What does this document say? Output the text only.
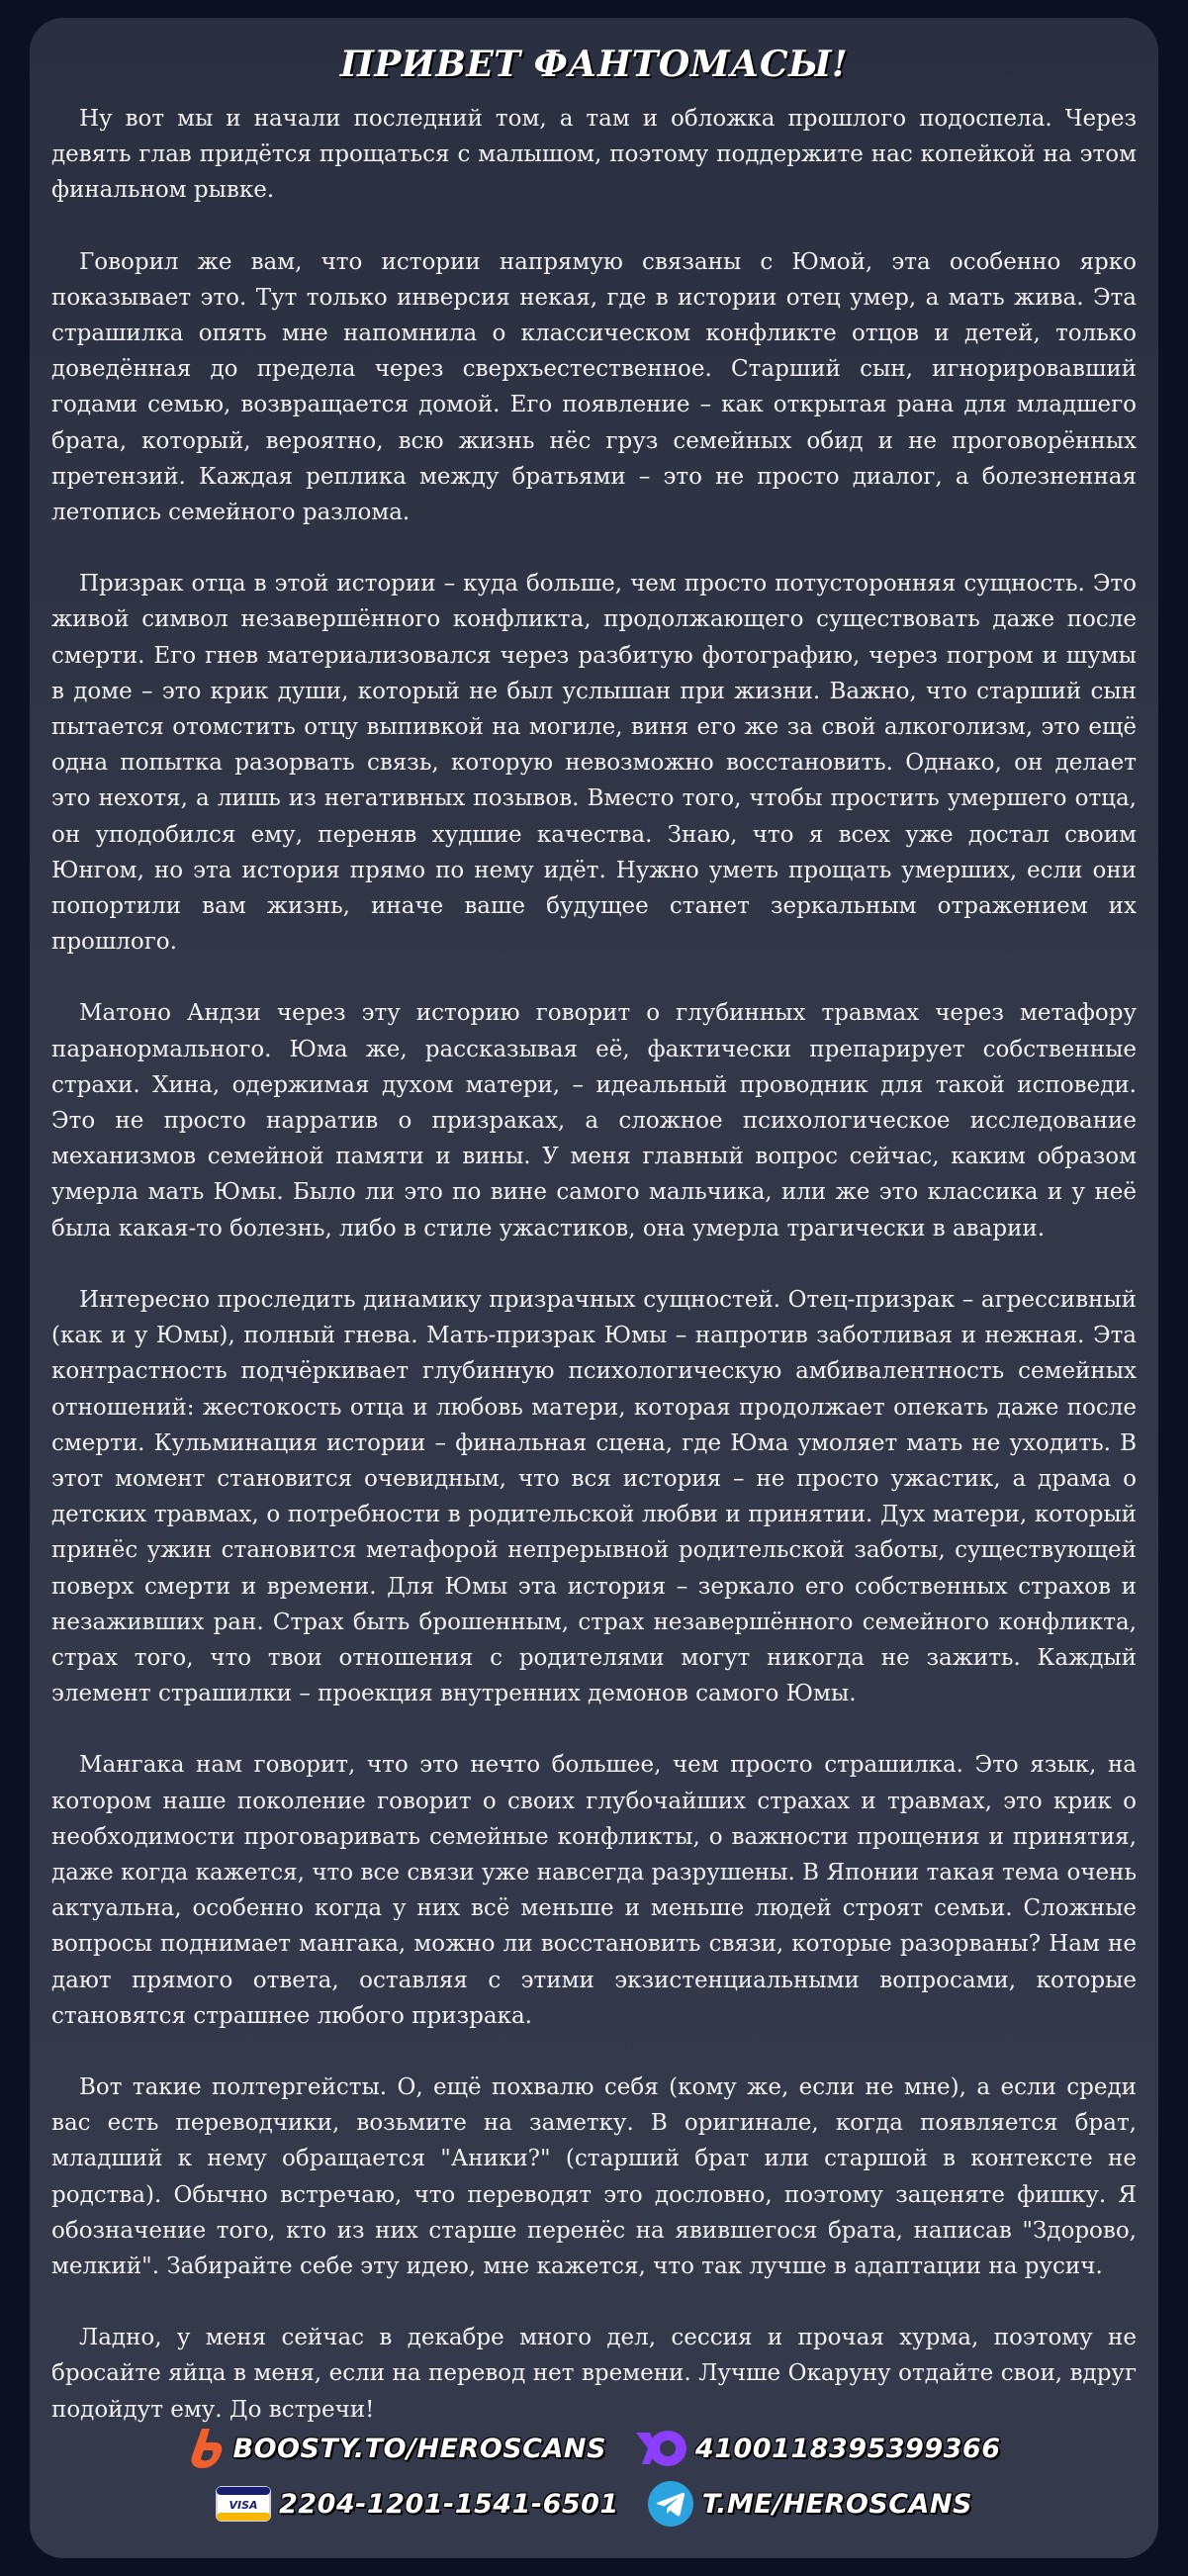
ПРИВЕТ ФАНТОМАСЫ!

Ну вот мы и начали последний том, а там и обложка прошлого подоспела. Через девять глав придётся прощаться с малышом, поэтому поддержите нас копейкой на этом финальном рывке.

Говорил же вам, что истории напрямую связаны с Юмой, эта особенно ярко показывает это. Тут только инверсия некая, где в истории отец умер, а мать жива. Эта страшилка опять мне напомнила о классическом конфликте отцов и детей, только доведённая до предела через сверхъестественное. Старший сын, игнорировавший годами семью, возвращается домой. Его появление – как открытая рана для младшего брата, который, вероятно, всю жизнь нёс груз семейных обид и не проговорённых претензий. Каждая реплика между братьями – это не просто диалог, а болезненная летопись семейного разлома.

Призрак отца в этой истории – куда больше, чем просто потусторонняя сущность. Это живой символ незавершённого конфликта, продолжающего существовать даже после смерти. Его гнев материализовался через разбитую фотографию, через погром и шумы в доме – это крик души, который не был услышан при жизни. Важно, что старший сын пытается отомстить отцу выпивкой на могиле, виня его же за свой алкоголизм, это ещё одна попытка разорвать связь, которую невозможно восстановить. Однако, он делает это нехотя, а лишь из негативных позывов. Вместо того, чтобы простить умершего отца, он уподобился ему, переняв худшие качества. Знаю, что я всех уже достал своим Юнгом, но эта история прямо по нему идёт. Нужно уметь прощать умерших, если они попортили вам жизнь, иначе ваше будущее станет зеркальным отражением их прошлого.

Матоно Андзи через эту историю говорит о глубинных травмах через метафору паранормального. Юма же, рассказывая её, фактически препарирует собственные страхи. Хина, одержимая духом матери, – идеальный проводник для такой исповеди. Это не просто нарратив о призраках, а сложное психологическое исследование механизмов семейной памяти и вины. У меня главный вопрос сейчас, каким образом умерла мать Юмы. Было ли это по вине самого мальчика, или же это классика и у неё была какая-то болезнь, либо в стиле ужастиков, она умерла трагически в аварии.

Интересно проследить динамику призрачных сущностей. Отец-призрак – агрессивный (как и у Юмы), полный гнева. Мать-призрак Юмы – напротив заботливая и нежная. Эта контрастность подчёркивает глубинную психологическую амбивалентность семейных отношений: жестокость отца и любовь матери, которая продолжает опекать даже после смерти. Кульминация истории – финальная сцена, где Юма умоляет мать не уходить. В этот момент становится очевидным, что вся история – не просто ужастик, а драма о детских травмах, о потребности в родительской любви и принятии. Дух матери, который принёс ужин становится метафорой непрерывной родительской заботы, существующей поверх смерти и времени. Для Юмы эта история – зеркало его собственных страхов и незаживших ран. Страх быть брошенным, страх незавершённого семейного конфликта, страх того, что твои отношения с родителями могут никогда не зажить. Каждый элемент страшилки – проекция внутренних демонов самого Юмы.

Мангака нам говорит, что это нечто большее, чем просто страшилка. Это язык, на котором наше поколение говорит о своих глубочайших страхах и травмах, это крик о необходимости проговаривать семейные конфликты, о важности прощения и принятия, даже когда кажется, что все связи уже навсегда разрушены. В Японии такая тема очень актуальна, особенно когда у них всё меньше и меньше людей строят семьи. Сложные вопросы поднимает мангака, можно ли восстановить связи, которые разорваны? Нам не дают прямого ответа, оставляя с этими экзистенциальными вопросами, которые становятся страшнее любого призрака.

Вот такие полтергейсты. О, ещё похвалю себя (кому же, если не мне), а если среди вас есть переводчики, возьмите на заметку. В оригинале, когда появляется брат, младший к нему обращается "Аники?" (старший брат или старшой в контексте не родства). Обычно встречаю, что переводят это дословно, поэтому заценяте фишку. Я обозначение того, кто из них старше перенёс на явившегося брата, написав "Здорово, мелкий". Забирайте себе эту идею, мне кажется, что так лучше в адаптации на русич.

Ладно, у меня сейчас в декабре много дел, сессия и прочая хурма, поэтому не бросайте яйца в меня, если на перевод нет времени. Лучше Окаруну отдайте свои, вдруг подойдут ему. До встречи!

BOOSTY.TO/HEROSCANS	4100118395399366
VISA 2204-1201-1541-6501	T.ME/HEROSCANS
